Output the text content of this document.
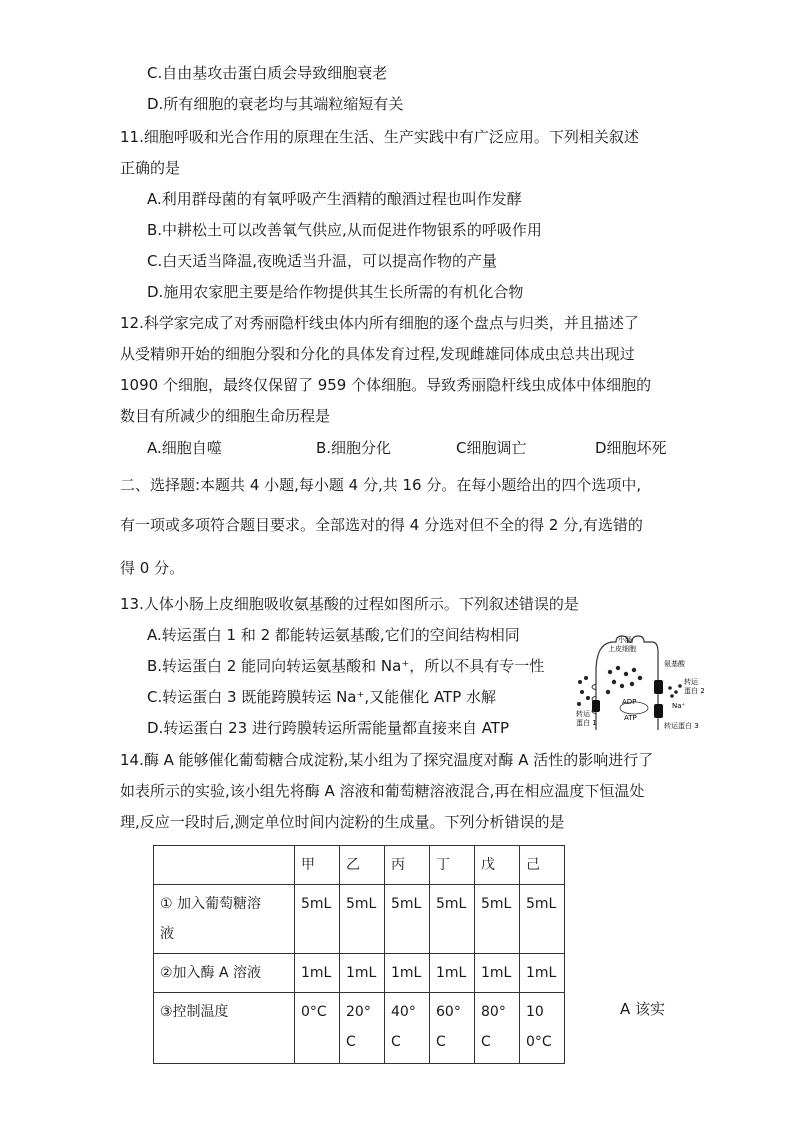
C.自由基攻击蛋白质会导致细胞衰老
D.所有细胞的衰老均与其端粒缩短有关
11.细胞呼吸和光合作用的原理在生活、生产实践中有广泛应用。下列相关叙述
正确的是
A.利用群母菌的有氧呼吸产生酒精的酿酒过程也叫作发酵
B.中耕松土可以改善氧气供应,从而促进作物银系的呼吸作用
C.白天适当降温,夜晚适当升温，可以提高作物的产量
D.施用农家肥主要是给作物提供其生长所需的有机化合物
12.科学家完成了对秀丽隐杆线虫体内所有细胞的逐个盘点与归类，并且描述了
从受精卵开始的细胞分裂和分化的具体发育过程,发现雌雄同体成虫总共出现过
1090 个细胞，最终仅保留了 959 个体细胞。导致秀丽隐杆线虫成体中体细胞的
数目有所减少的细胞生命历程是
A.细胞自噬	B.细胞分化	C细胞调亡	D细胞坏死
二、选择题:本题共 4 小题,每小题 4 分,共 16 分。在每小题给出的四个选项中,
有一项或多项符合题目要求。全部选对的得 4 分选对但不全的得 2 分,有选错的
得 0 分。
13.人体小肠上皮细胞吸收氨基酸的过程如图所示。下列叙述错误的是
A.转运蛋白 1 和 2 都能转运氨基酸,它们的空间结构相同
B.转运蛋白 2 能同向转运氨基酸和 Na⁺，所以不具有专一性
C.转运蛋白 3 既能跨膜转运 Na⁺,又能催化 ATP 水解
D.转运蛋白 23 进行跨膜转运所需能量都直接来自 ATP
小肠
上皮细胞
氨基酸
转运
蛋白 2
Na⁺
ADP
ATP
转运
蛋白 1	转运蛋白 3
14.酶 A 能够催化葡萄糖合成淀粉,某小组为了探究温度对酶 A 活性的影响进行了
如表所示的实验,该小组先将酶 A 溶液和葡萄糖溶液混合,再在相应温度下恒温处
理,反应一段时后,测定单位时间内淀粉的生成量。下列分析错误的是
	甲	乙	丙	丁	戊	己

① 加入葡萄糖溶
液	5mL	5mL	5mL	5mL	5mL	5mL
②加入酶 A 溶液	1mL	1mL	1mL	1mL	1mL	1mL
③控制温度	0°C	20°C	40°C	60°C	80°C	100°C
A 该实
